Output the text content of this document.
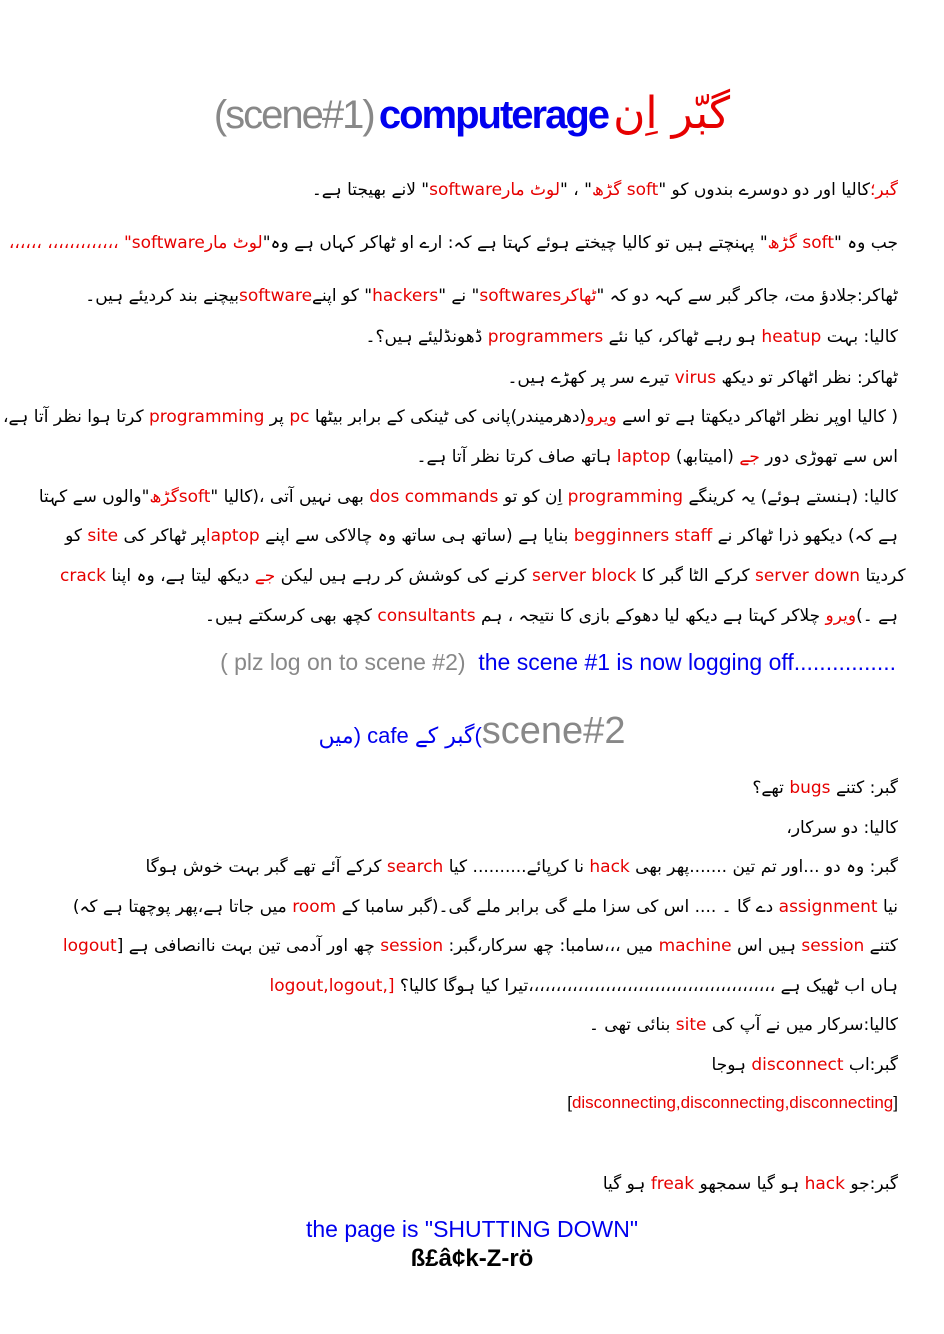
(scene#1) computerage گبّر اِن
گبر؛کالیا اور دو دوسرے بندوں کو "soft گڑھ" ، "لوٹ مارsoftware" لانے بھیجتا ہے۔
جب وہ "soft گڑھ" پہنچتے ہیں تو کالیا چیختے ہوئے کہتا ہے کہ: ارے او ٹھاکر کہاں ہے وہ"لوٹ مارsoftware" ،،،،،،،،،،،،، ،،،،،،
ٹھاکر:جلادؤ مت، جاکر گبر سے کہہ دو کہ "ٹھاکرsoftwares" نے "hackers" کو اپنےsoftwareبیچنے بند کردیئے ہیں۔
کالیا: بہت heatup ہو رہے ٹھاکر، کیا نئے programmers ڈھونڈلیئے ہیں؟۔
ٹھاکر: نظر اٹھاکر تو دیکھ virus تیرے سر پر کھڑے ہیں۔
( کالیا اوپر نظر اٹھاکر دیکھتا ہے تو اسے ویرو(دھرمیندر)پانی کی ٹینکی کے برابر بیٹھا pc پر programming کرتا ہوا نظر آتا ہے،
اس سے تھوڑی دور جے (امیتابھ) laptop ہاتھ صاف کرتا نظر آتا ہے۔
کالیا: (ہنستے ہوئے) یہ کرینگے programming اِن کو تو dos commands بھی نہیں آتی ،(کالیا "softگڑھ"والوں سے کہتا
ہے کہ) دیکھو ذرا ٹھاکر نے begginners staff بنایا ہے (ساتھ ہی ساتھ وہ چالاکی سے اپنے laptopپر ٹھاکر کی site کو
crack کرنے کی کوشش کر رہے ہیں لیکن جے دیکھ لیتا ہے، وہ اپنا server block کرکے الٹا گبر کا server down کردیتا
ہے ۔)ویرو چلاکر کہتا ہے دیکھ لیا دھوکے بازی کا نتیجہ ، ہم consultants کچھ بھی کرسکتے ہیں۔
( plz log on to scene #2) the scene #1 is now logging off................
میں) cafe گبر کے(scene#2
گبر: کتنے bugs تھے؟
کالیا: دو سرکار،
گبر: وہ دو ...اور تم تین .......پھر بھی hack نا کرپائے.......... کیا search کرکے آئے تھے گبر بہت خوش ہوگا
نیا assignment دے گا ۔ .... اس کی سزا ملے گی برابر ملے گی۔(گبر سامبا کے room میں جاتا ہے،پھر پوچھتا ہے کہ)
کتنے session ہیں اس machine میں ،،،سامبا: چھ سرکار،گبر: session چھ اور آدمی تین بہت ناانصافی ہے [logout
logout,logout,] ہاں اب ٹھیک ہے ،،،،،،،،،،،،،،،،،،،،،،،،،،،،،،،،،،،،،،،،،،،،،تیرا کیا ہوگا کالیا؟
کالیا:سرکار میں نے آپ کی site بنائی تھی ۔
گبر:اب disconnect ہوجا
[disconnecting,disconnecting,disconnecting]
گبر:جو hack ہو گیا سمجھو freak ہو گیا
the page is "SHUTTING DOWN"
ß£â¢k-Z-rö
